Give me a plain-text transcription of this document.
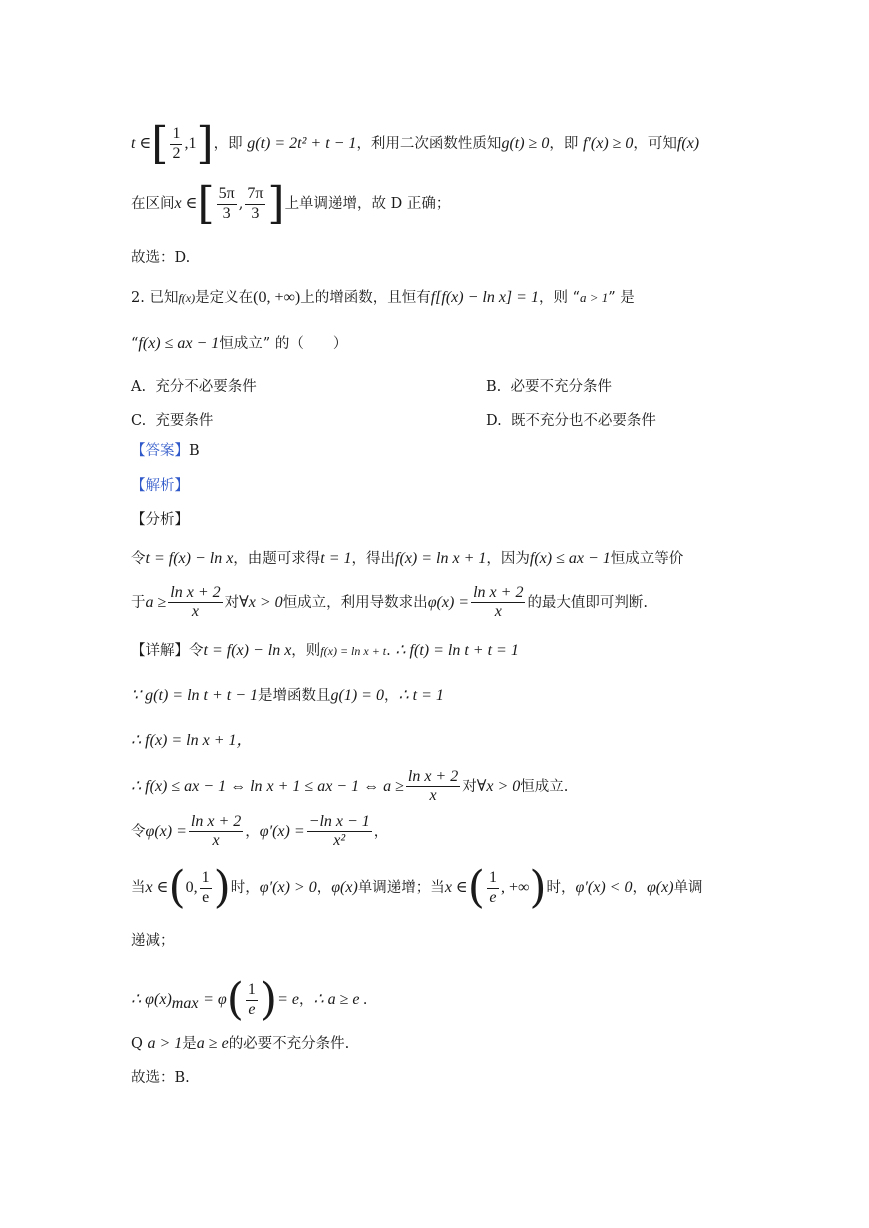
t ∈[ $\frac{1}{2} ,1$]，即 g(t) = 2t² + t − 1，利用二次函数性质知g(t) ≥ 0，即 f′(x) ≥ 0，可知f(x)
在区间x ∈[ $\frac{5\pi}{3}$ , $\frac{7\pi}{3}$ ]上单调递增，故 D 正确；
故选：D.
2. 已知f(x)是定义在(0, +∞)上的增函数，且恒有f[f(x) − ln x] = 1，则 “a > 1” 是
“f(x) ≤ ax − 1恒成立” 的（　　）
A. 充分不必要条件	B. 必要不充分条件
C. 充要条件	D. 既不充分也不必要条件
【答案】B
【解析】
【分析】
令t = f(x) − ln x，由题可求得t = 1，得出f(x) = ln x + 1，因为f(x) ≤ ax − 1恒成立等价
于$a \ge \frac{\text{ln x + 2}}{x}$ 对∀x > 0恒成立，利用导数求出$\varphi(x) = \frac{\text{ln x + 2}}{x}$ 的最大值即可判断.
【详解】令t = f(x) − ln x，则f(x) = ln x + t. ∴ f(t) = ln t + t = 1
∵ g(t) = ln t + t − 1是增函数且g(1) = 0，∴ t = 1
∴ f(x) = ln x + 1，
∴ f(x) ≤ ax − 1 ⇔ ln x + 1 ≤ ax − 1 ⇔ $a \ge \frac{\text{ln x + 2}}{x}$ 对∀x > 0恒成立.
令$\varphi(x) = \frac{\text{ln x + 2}}{x}$ ，$\varphi'(x) = \frac{\text{−ln x − 1}}{\text{x²}}$ ，
当x ∈(0, $\frac{1}{e}$ )时，φ′(x) > 0，φ(x)单调递增；当x ∈( $\frac{1}{e}$ , +∞)时，φ′(x) < 0，φ(x)单调
递减；
∴ $\varphi(x)_{max} = \varphi( \frac{1}{e}$ )= e，∴ a ≥ e .
Q a > 1是a ≥ e的必要不充分条件.
故选：B.
